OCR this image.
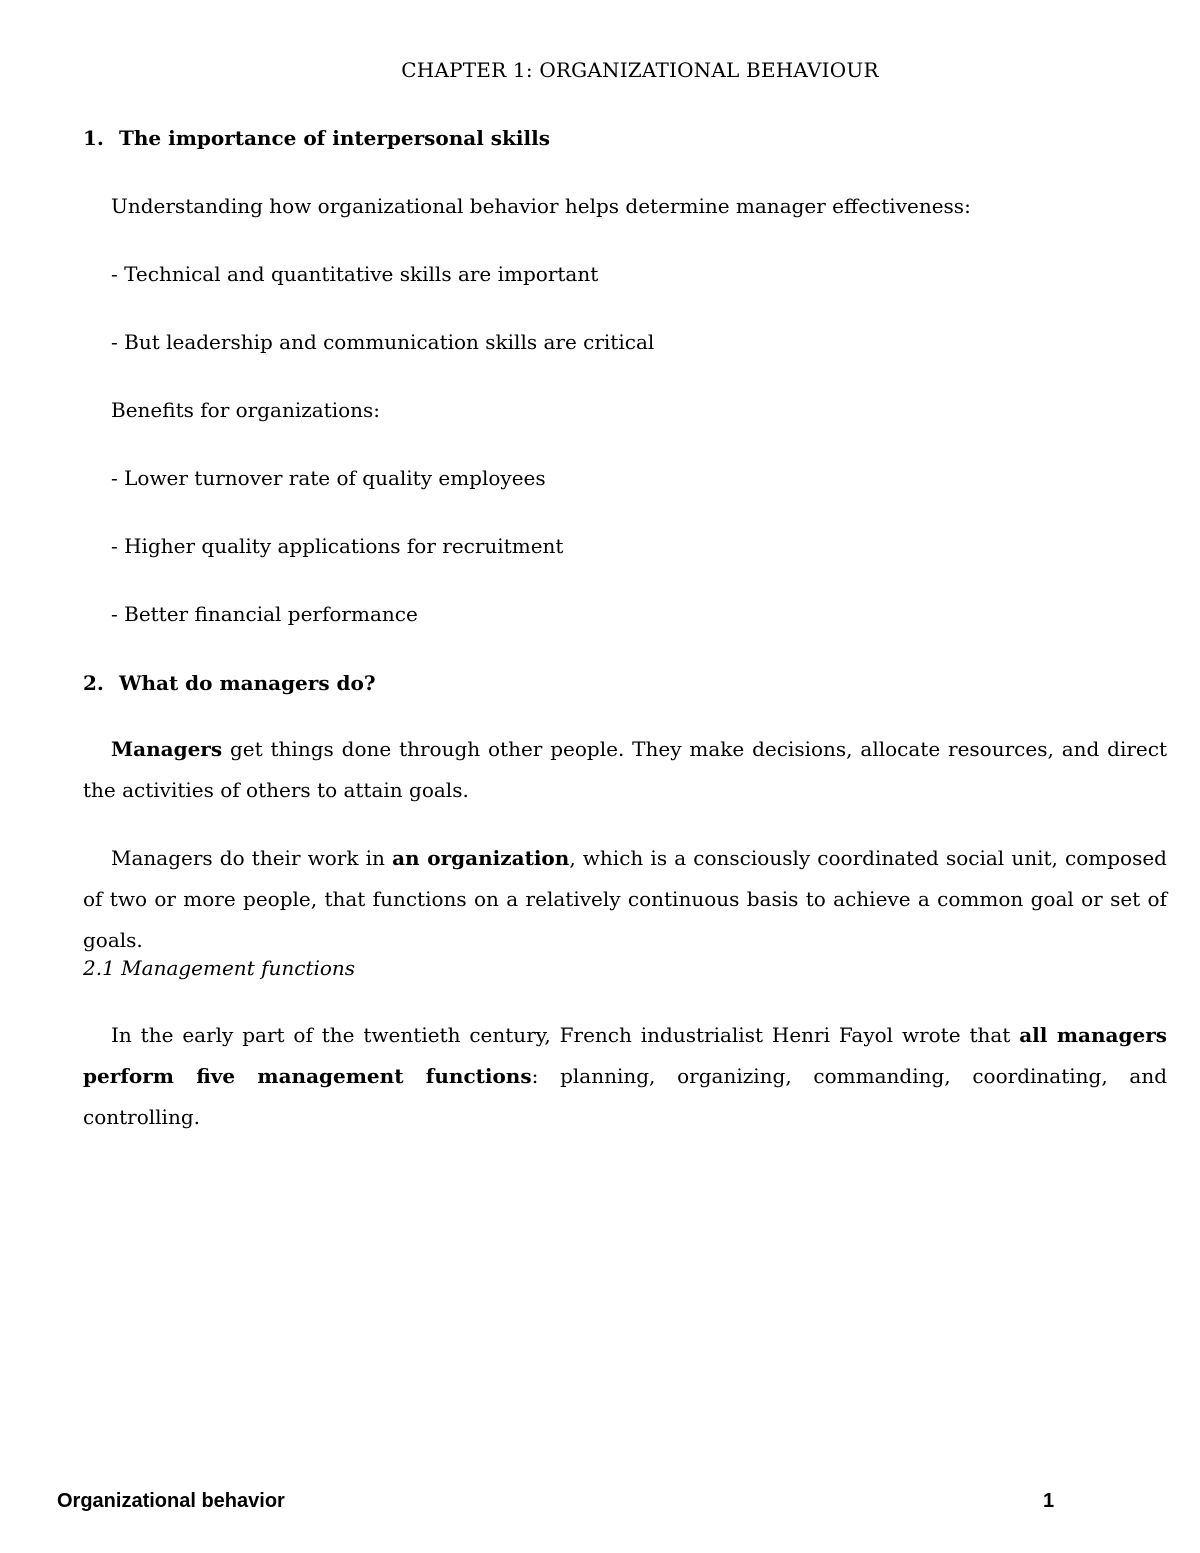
CHAPTER 1: ORGANIZATIONAL BEHAVIOUR
1. The importance of interpersonal skills
Understanding how organizational behavior helps determine manager effectiveness:
- Technical and quantitative skills are important
- But leadership and communication skills are critical
Benefits for organizations:
- Lower turnover rate of quality employees
- Higher quality applications for recruitment
- Better financial performance
2. What do managers do?
Managers get things done through other people. They make decisions, allocate resources, and direct the activities of others to attain goals.
Managers do their work in an organization, which is a consciously coordinated social unit, composed of two or more people, that functions on a relatively continuous basis to achieve a common goal or set of goals.
2.1 Management functions
In the early part of the twentieth century, French industrialist Henri Fayol wrote that all managers perform five management functions: planning, organizing, commanding, coordinating, and controlling.
Organizational behavior	1
